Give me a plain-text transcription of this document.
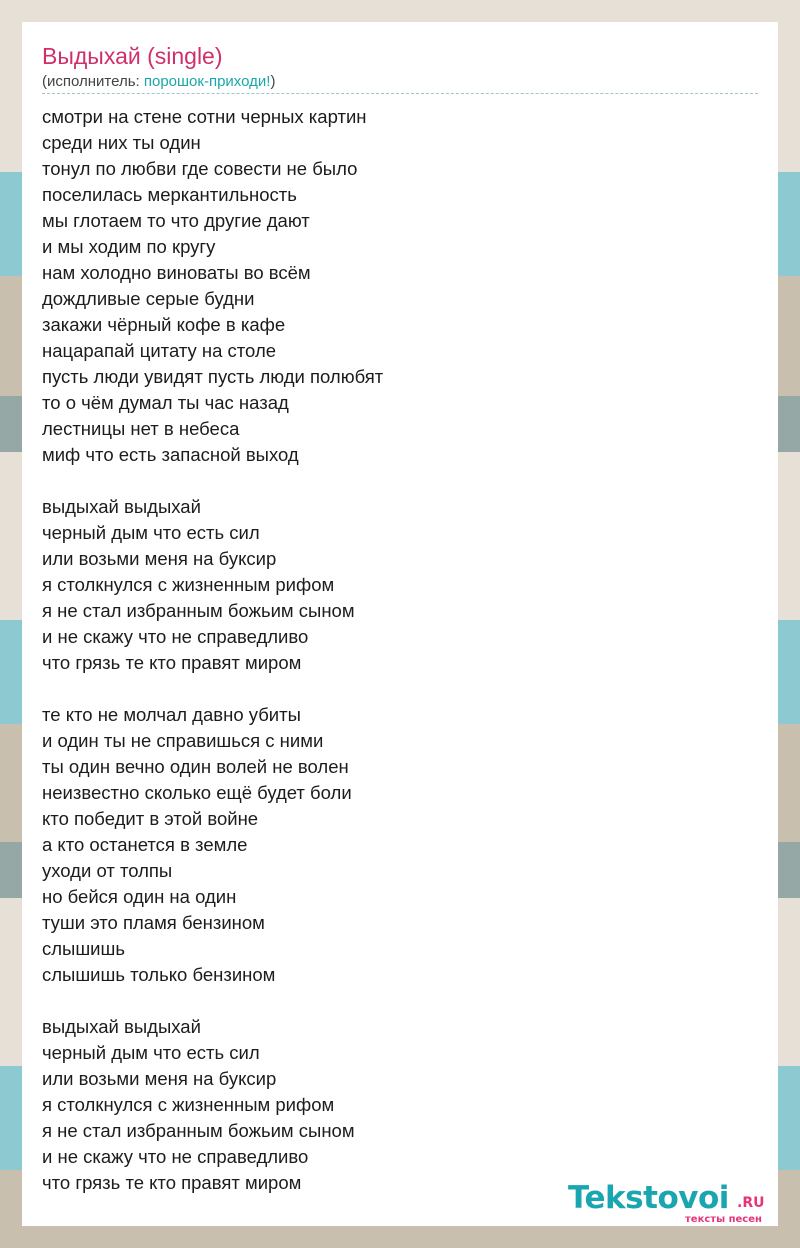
Выдыхай (single)
(исполнитель: порошок-приходи!)
смотри на стене сотни черных картин
среди них ты один
тонул по любви где совести не было
поселилась меркантильность
мы глотаем то что другие дают
и мы ходим по кругу
нам холодно виноваты во всём
дождливые серые будни
закажи чёрный кофе в кафе
нацарапай цитату на столе
пусть люди увидят пусть люди полюбят
то о чём думал ты час назад
лестницы нет в небеса
миф что есть запасной выход
выдыхай выдыхай
черный дым что есть сил
или возьми меня на буксир
я столкнулся с жизненным рифом
я не стал избранным божьим сыном
и не скажу что не справедливо
что грязь те кто правят миром
те кто не молчал давно убиты
и один ты не справишься с ними
ты один вечно один волей не волен
неизвестно сколько ещё будет боли
кто победит в этой войне
а кто останется в земле
уходи от толпы
но бейся один на один
туши это пламя бензином
слышишь
слышишь только бензином
выдыхай выдыхай
черный дым что есть сил
или возьми меня на буксир
я столкнулся с жизненным рифом
я не стал избранным божьим сыном
и не скажу что не справедливо
что грязь те кто правят миром	Tekstovoi .RU
тексты песен
